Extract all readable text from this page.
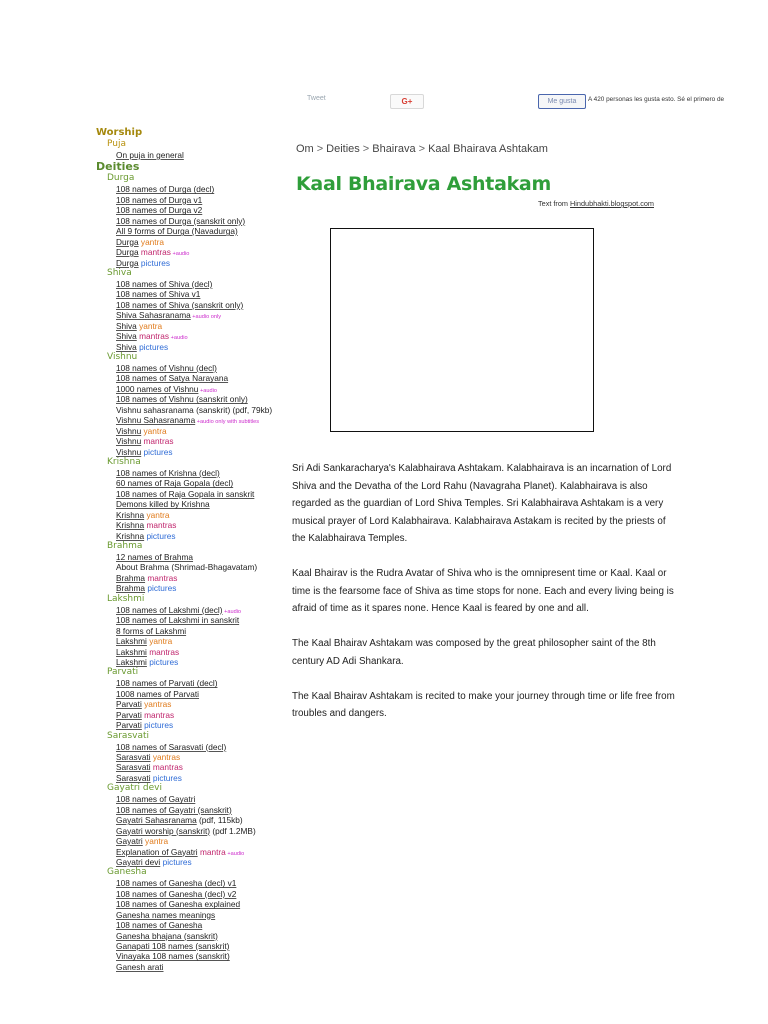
Tweet	G+	Me gusta	A 420 personas les gusta esto. Sé el primero de
Worship
Puja
On puja in general
Deities
Durga
108 names of Durga (decl)
108 names of Durga v1
108 names of Durga v2
108 names of Durga (sanskrit only)
All 9 forms of Durga (Navadurga)
Durga yantra
Durga mantras +audio
Durga pictures
Shiva
108 names of Shiva (decl)
108 names of Shiva v1
108 names of Shiva (sanskrit only)
Shiva Sahasranama +audio only
Shiva yantra
Shiva mantras +audio
Shiva pictures
Vishnu
108 names of Vishnu (decl)
108 names of Satya Narayana
1000 names of Vishnu +audio
108 names of Vishnu (sanskrit only)
Vishnu sahasranama (sanskrit) (pdf, 79kb)
Vishnu Sahasranama +audio only with subtitles
Vishnu yantra
Vishnu mantras
Vishnu pictures
Krishna
108 names of Krishna (decl)
60 names of Raja Gopala (decl)
108 names of Raja Gopala in sanskrit
Demons killed by Krishna
Krishna yantra
Krishna mantras
Krishna pictures
Brahma
12 names of Brahma
About Brahma (Shrimad-Bhagavatam)
Brahma mantras
Brahma pictures
Lakshmi
108 names of Lakshmi (decl) +audio
108 names of Lakshmi in sanskrit
8 forms of Lakshmi
Lakshmi yantra
Lakshmi mantras
Lakshmi pictures
Parvati
108 names of Parvati (decl)
1008 names of Parvati
Parvati yantras
Parvati mantras
Parvati pictures
Sarasvati
108 names of Sarasvati (decl)
Sarasvati yantras
Sarasvati mantras
Sarasvati pictures
Gayatri devi
108 names of Gayatri
108 names of Gayatri (sanskrit)
Gayatri Sahasranama (pdf, 115kb)
Gayatri worship (sanskrit) (pdf 1.2MB)
Gayatri yantra
Explanation of Gayatri mantra +audio
Gayatri devi pictures
Ganesha
108 names of Ganesha (decl) v1
108 names of Ganesha (decl) v2
108 names of Ganesha explained
Ganesha names meanings
108 names of Ganesha
Ganesha bhajana (sanskrit)
Ganapati 108 names (sanskrit)
Vinayaka 108 names (sanskrit)
Ganesh arati
Om > Deities > Bhairava > Kaal Bhairava Ashtakam
Kaal Bhairava Ashtakam
Text from Hindubhakti.blogspot.com

Sri Adi Sankaracharya's Kalabhairava Ashtakam. Kalabhairava is an incarnation of Lord Shiva and the Devatha of the Lord Rahu (Navagraha Planet). Kalabhairava is also regarded as the guardian of Lord Shiva Temples. Sri Kalabhairava Ashtakam is a very musical prayer of Lord Kalabhairava. Kalabhairava Astakam is recited by the priests of the Kalabhairava Temples.

Kaal Bhairav is the Rudra Avatar of Shiva who is the omnipresent time or Kaal. Kaal or time is the fearsome face of Shiva as time stops for none. Each and every living being is afraid of time as it spares none. Hence Kaal is feared by one and all.

The Kaal Bhairav Ashtakam was composed by the great philosopher saint of the 8th century AD Adi Shankara.

The Kaal Bhairav Ashtakam is recited to make your journey through time or life free from troubles and dangers.
